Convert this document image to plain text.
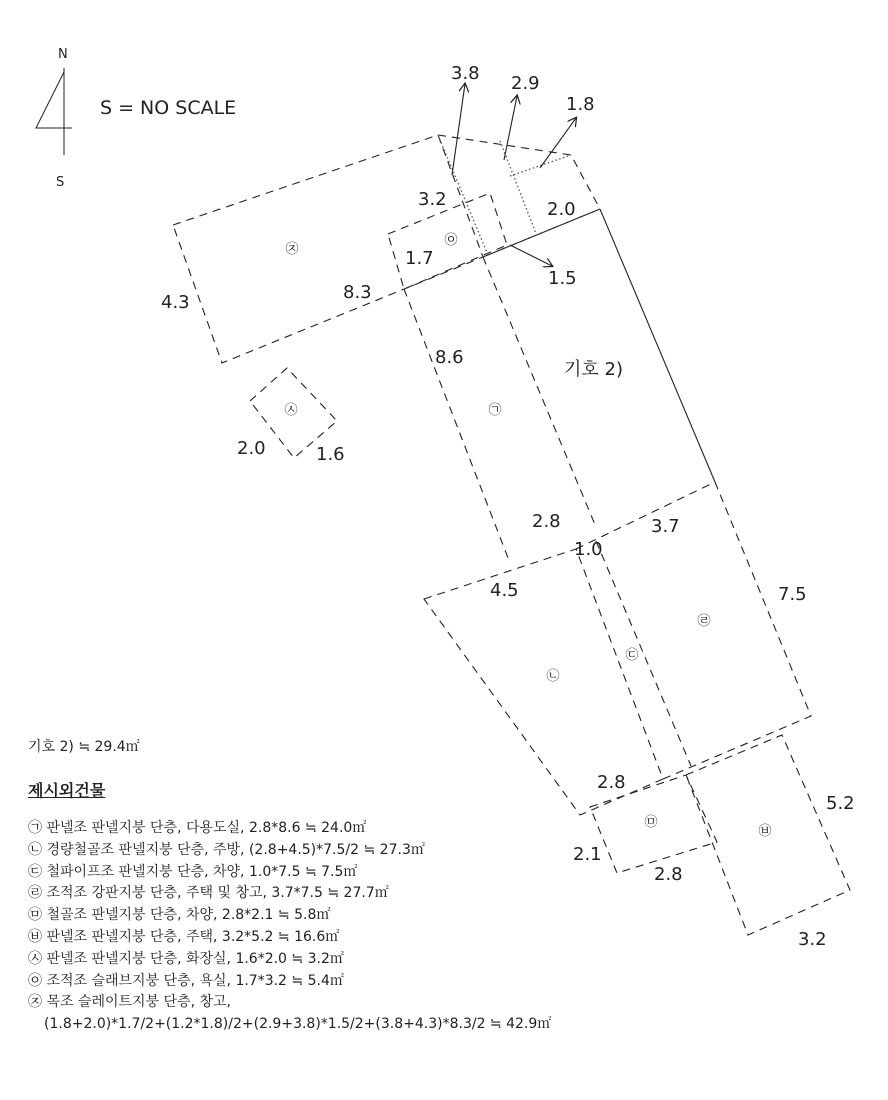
N
S
S = NO SCALE
㉨
㉧
㉦	㉠
㉣
㉢
㉡
㉤
㉥
기호 2)
3.8 2.9
1.8
3.2	2.0
1.7
1.5
4.3	8.3
8.6
2.0	1.6
2.8	3.7
1.0
4.5	7.5
2.8
5.2
2.1
2.8
3.2
기호 2) ≒ 29.4㎡
제시외건물
㉠ 판넬조 판넬지붕 단층, 다용도실, 2.8*8.6 ≒ 24.0㎡
㉡ 경량철골조 판넬지붕 단층, 주방, (2.8+4.5)*7.5/2 ≒ 27.3㎡
㉢ 철파이프조 판넬지붕 단층, 차양, 1.0*7.5 ≒ 7.5㎡
㉣ 조적조 강판지붕 단층, 주택 및 창고, 3.7*7.5 ≒ 27.7㎡
㉤ 철골조 판넬지붕 단층, 차양, 2.8*2.1 ≒ 5.8㎡
㉥ 판넬조 판넬지붕 단층, 주택, 3.2*5.2 ≒ 16.6㎡
㉦ 판넬조 판넬지붕 단층, 화장실, 1.6*2.0 ≒ 3.2㎡
㉧ 조적조 슬래브지붕 단층, 욕실, 1.7*3.2 ≒ 5.4㎡
㉨ 목조 슬레이트지붕 단층, 창고,
(1.8+2.0)*1.7/2+(1.2*1.8)/2+(2.9+3.8)*1.5/2+(3.8+4.3)*8.3/2 ≒ 42.9㎡
